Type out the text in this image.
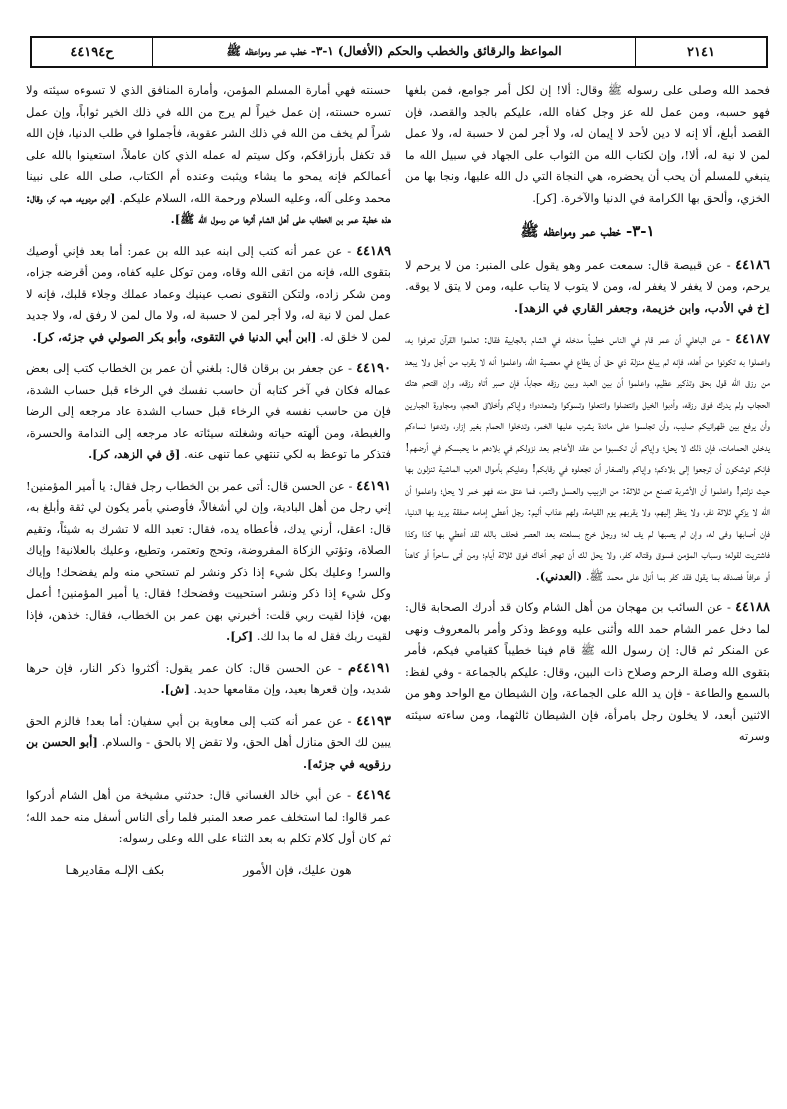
ح٤٤١٩٤	المواعظ والرقائق والخطب والحكم (الأفعال) ١-٣- خطب عمر ومواعظه ﷺ	٢١٤١

فحمد الله وصلى على رسوله ﷺ وقال: ألا! إن لكل أمر جوامع، فمن بلغها فهو حسبه، ومن عمل لله عز وجل كفاه الله، عليكم بالجد والقصد، فإن القصد أبلغ، ألا إنه لا دين لأحد لا إيمان له، ولا أجر لمن لا حسبة له، ولا عمل لمن لا نية له، ألا!، وإن لكتاب الله من الثواب على الجهاد في سبيل الله ما ينبغي للمسلم أن يحب أن يحضره، هي النجاة التي دل الله عليها، ونجا بها من الخزي، وألحق بها الكرامة في الدنيا والآخرة. [كر].

١-٣- خطب عمر ومواعظه ﷺ

٤٤١٨٦ - عن قبيصة قال: سمعت عمر وهو يقول على المنبر: من لا يرحم لا يرحم، ومن لا يغفر لا يغفر له، ومن لا يتوب لا يتاب عليه، ومن لا يتق لا يوقه. [خ في الأدب، وابن خزيمة، وجعفر القاري في الزهد].

٤٤١٨٧ - عن الباهلي أن عمر قام في الناس خطيباً مدخله في الشام بالجابية فقال: تعلموا القرآن تعرفوا به، واعملوا به تكونوا من أهله، فإنه لم يبلغ منزلة ذي حق أن يطاع في معصية الله، واعلموا أنه لا يقرب من أجل ولا يبعد من رزق الله قول بحق وتذكير عظيم، واعلموا أن بين العبد وبين رزقه حجاباً، فإن صبر أتاه رزقه، وإن اقتحم هتك الحجاب ولم يدرك فوق رزقه، وأدبوا الخيل وانتضلوا وانتعلوا وتسوكوا وتمعددوا؛ وإياكم وأخلاق العجم، ومجاورة الجبارين وأن يرفع بين ظهرانيكم صليب، وأن تجلسوا على مائدة يشرب عليها الخمر، وتدخلوا الحمام بغير إزار، وتدعوا نساءكم يدخلن الحمامات، فإن ذلك لا يحل؛ وإياكم أن تكسبوا من عقد الأعاجم بعد نزولكم في بلادهم ما يحبسكم في أرضهم! فإنكم توشكون أن ترجعوا إلى بلادكم؛ وإياكم والصغار أن تجعلوه في رقابكم! وعليكم بأموال العرب الماشية تنزلون بها حيث نزلتم! واعلموا أن الأشربة تصنع من ثلاثة: من الزبيب والعسل والتمر، فما عتق منه فهو خمر لا يحل؛ واعلموا أن الله لا يزكي ثلاثة نفر، ولا ينظر إليهم، ولا يقربهم يوم القيامة، ولهم عذاب أليم: رجل أعطى إمامه صفقة يريد بها الدنيا، فإن أصابها وفى له، وإن لم يصبها لم يف له؛ ورجل خرج بسلعته بعد العصر فحلف بالله لقد أعطي بها كذا وكذا فاشتريت لقوله؛ وسباب المؤمن فسوق وقتاله كفر، ولا يحل لك أن تهجر أخاك فوق ثلاثة أيام؛ ومن أتى ساحراً أو كاهناً أو عرافاً فصدقه بما يقول فقد كفر بما أنزل على محمد ﷺ. (العدني).

٤٤١٨٨ - عن السائب بن مهجان من أهل الشام وكان قد أدرك الصحابة قال: لما دخل عمر الشام حمد الله وأثنى عليه ووعظ وذكر وأمر بالمعروف ونهى عن المنكر ثم قال: إن رسول الله ﷺ قام فينا خطيباً كقيامي فيكم، فأمر بتقوى الله وصلة الرحم وصلاح ذات البين، وقال: عليكم بالجماعة - وفي لفظ: بالسمع والطاعة - فإن يد الله على الجماعة، وإن الشيطان مع الواحد وهو من الاثنين أبعد، لا يخلون رجل بامرأة، فإن الشيطان ثالثهما، ومن ساءته سيئته وسرته

حسنته فهي أمارة المسلم المؤمن، وأمارة المنافق الذي لا تسوءه سيئته ولا تسره حسنته، إن عمل خيراً لم يرج من الله في ذلك الخير ثواباً، وإن عمل شراً لم يخف من الله في ذلك الشر عقوبة، فأجملوا في طلب الدنيا، فإن الله قد تكفل بأرزاقكم، وكل سيتم له عمله الذي كان عاملاً، استعينوا بالله على أعمالكم فإنه يمحو ما يشاء ويثبت وعنده أم الكتاب، صلى الله على نبينا محمد وعلى آله، وعليه السلام ورحمة الله، السلام عليكم. [ابن مردويه، هب، كر، وقال: هذه خطبة عمر بن الخطاب على أهل الشام أثرها عن رسول الله ﷺ].

٤٤١٨٩ - عن عمر أنه كتب إلى ابنه عبد الله بن عمر: أما بعد فإني أوصيك بتقوى الله، فإنه من اتقى الله وقاه، ومن توكل عليه كفاه، ومن أقرضه جزاه، ومن شكر زاده، ولتكن التقوى نصب عينيك وعماد عملك وجلاء قلبك، فإنه لا عمل لمن لا نية له، ولا أجر لمن لا حسبة له، ولا مال لمن لا رفق له، ولا جديد لمن لا خلق له. [ابن أبي الدنيا في التقوى، وأبو بكر الصولي في جزئه، كر].

٤٤١٩٠ - عن جعفر بن برقان قال: بلغني أن عمر بن الخطاب كتب إلى بعض عماله فكان في آخر كتابه أن حاسب نفسك في الرخاء قبل حساب الشدة، فإن من حاسب نفسه في الرخاء قبل حساب الشدة عاد مرجعه إلى الرضا والغبطة، ومن ألهته حياته وشغلته سيئاته عاد مرجعه إلى الندامة والحسرة، فتذكر ما توعظ به لكي تنتهي عما تنهى عنه. [ق في الزهد، كر].

٤٤١٩١ - عن الحسن قال: أتى عمر بن الخطاب رجل فقال: يا أمير المؤمنين! إني رجل من أهل البادية، وإن لي أشغالاً، فأوصني بأمر يكون لي ثقة وأبلغ به، قال: اعقل، أرني يدك، فأعطاه يده، فقال: تعبد الله لا تشرك به شيئاً، وتقيم الصلاة، وتؤتي الزكاة المفروضة، وتحج وتعتمر، وتطيع، وعليك بالعلانية! وإياك والسر! وعليك بكل شيء إذا ذكر ونشر لم تستحي منه ولم يفضحك! وإياك وكل شيء إذا ذكر ونشر استحييت وفضحك! فقال: يا أمير المؤمنين! أعمل بهن، فإذا لقيت ربي قلت: أخبرني بهن عمر بن الخطاب، فقال: خذهن، فإذا لقيت ربك فقل له ما بدا لك. [كر].

٤٤١٩١م - عن الحسن قال: كان عمر يقول: أكثروا ذكر النار، فإن حرها شديد، وإن قعرها بعيد، وإن مقامعها حديد. [ش].

٤٤١٩٣ - عن عمر أنه كتب إلى معاوية بن أبي سفيان: أما بعد! فالزم الحق يبين لك الحق منازل أهل الحق، ولا تقض إلا بالحق - والسلام. [أبو الحسن بن رزقويه في جزئه].

٤٤١٩٤ - عن أبي خالد الغساني قال: حدثني مشيخة من أهل الشام أدركوا عمر قالوا: لما استخلف عمر صعد المنبر فلما رأى الناس أسفل منه حمد الله؛ ثم كان أول كلام تكلم به بعد الثناء على الله وعلى رسوله:

هون عليك، فإن الأمور
بكف الإلـه مقاديرهـا
